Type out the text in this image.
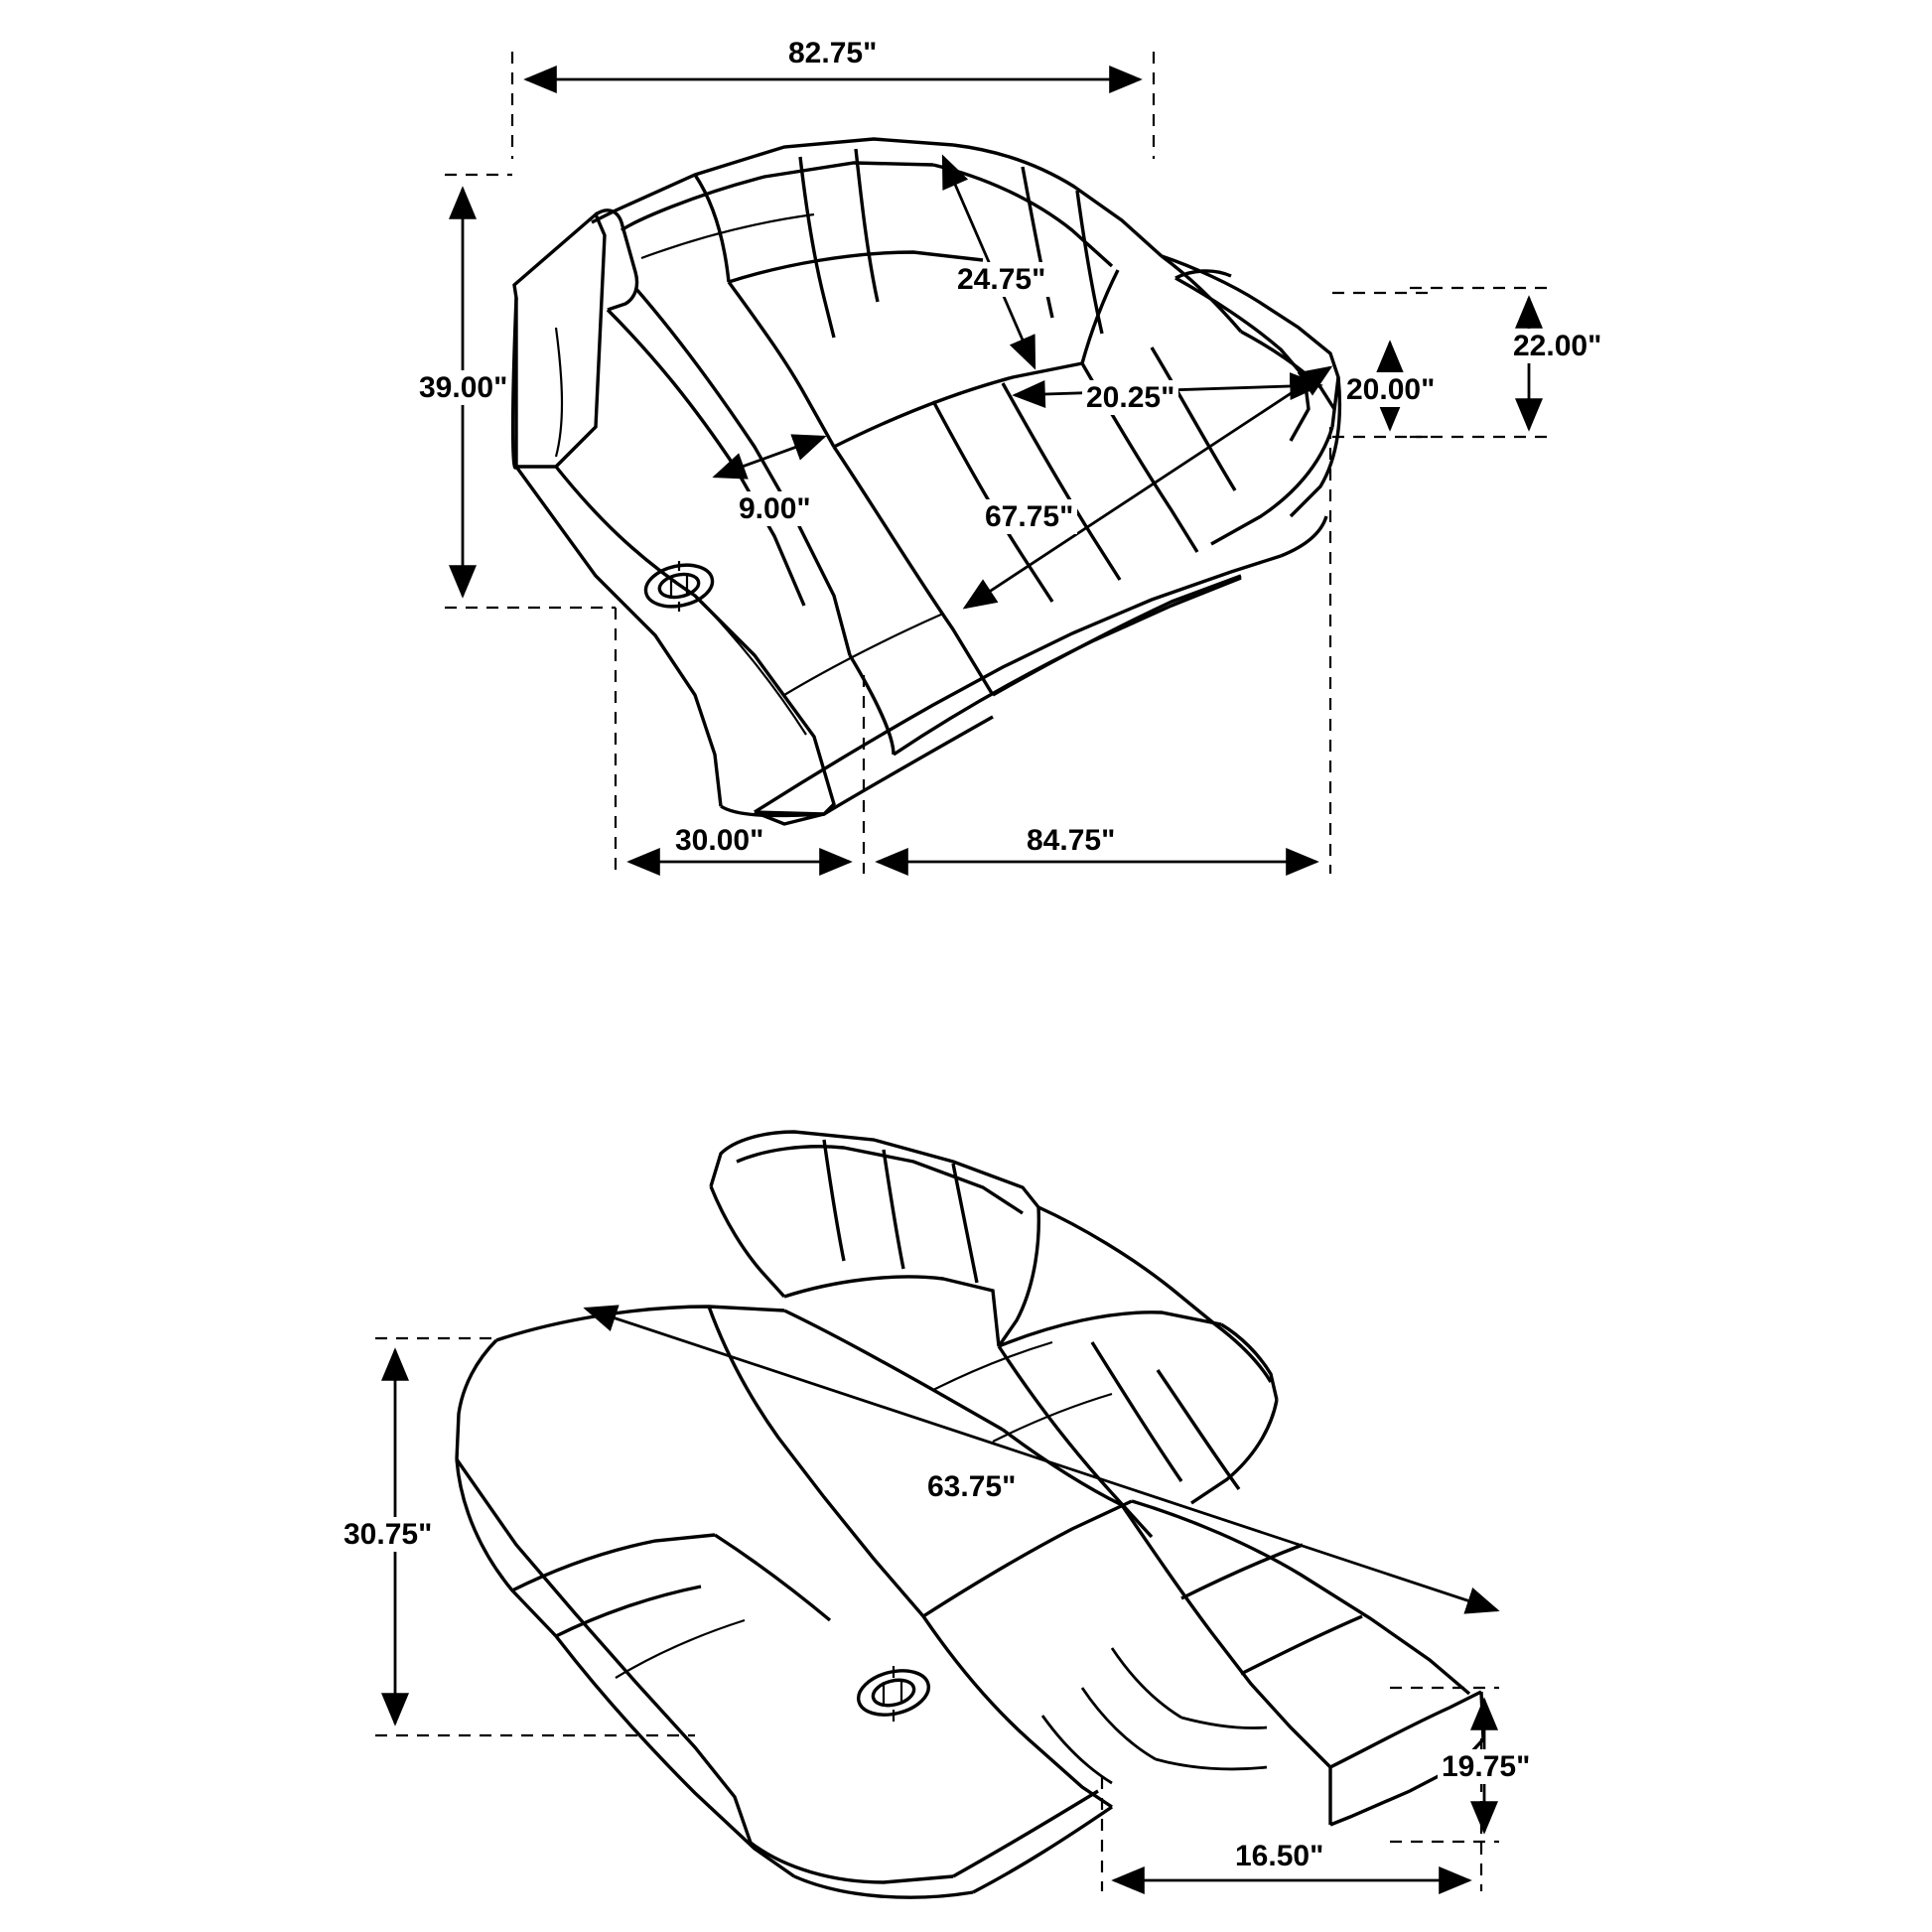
82.75"
39.00"
24.75"
20.25"	20.00"
22.00"
9.00"	67.75"
30.00"	84.75"
30.75"
63.75"
19.75"
16.50"
